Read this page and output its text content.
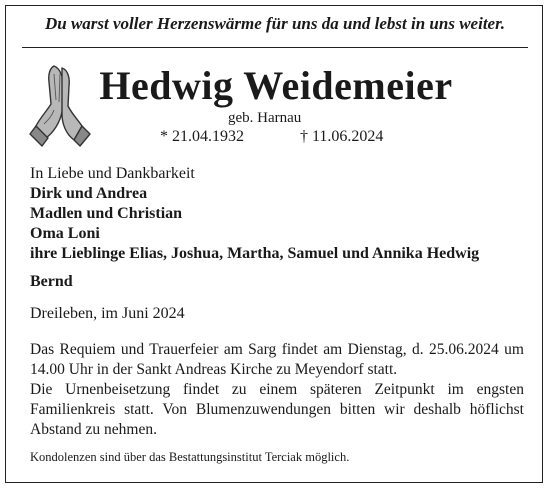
Du warst voller Herzenswärme für uns da und lebst in uns weiter.
Hedwig Weidemeier
geb. Harnau
* 21.04.1932	† 11.06.2024
In Liebe und Dankbarkeit
Dirk und Andrea
Madlen und Christian
Oma Loni
ihre Lieblinge Elias, Joshua, Martha, Samuel und Annika Hedwig
Bernd
Dreileben, im Juni 2024
Das Requiem und Trauerfeier am Sarg findet am Dienstag, d. 25.06.2024 um 14.00 Uhr in der Sankt Andreas Kirche zu Meyendorf statt.
Die Urnenbeisetzung findet zu einem späteren Zeitpunkt im engsten Familienkreis statt. Von Blumenzuwendungen bitten wir deshalb höflichst Abstand zu nehmen.
Kondolenzen sind über das Bestattungsinstitut Terciak möglich.
